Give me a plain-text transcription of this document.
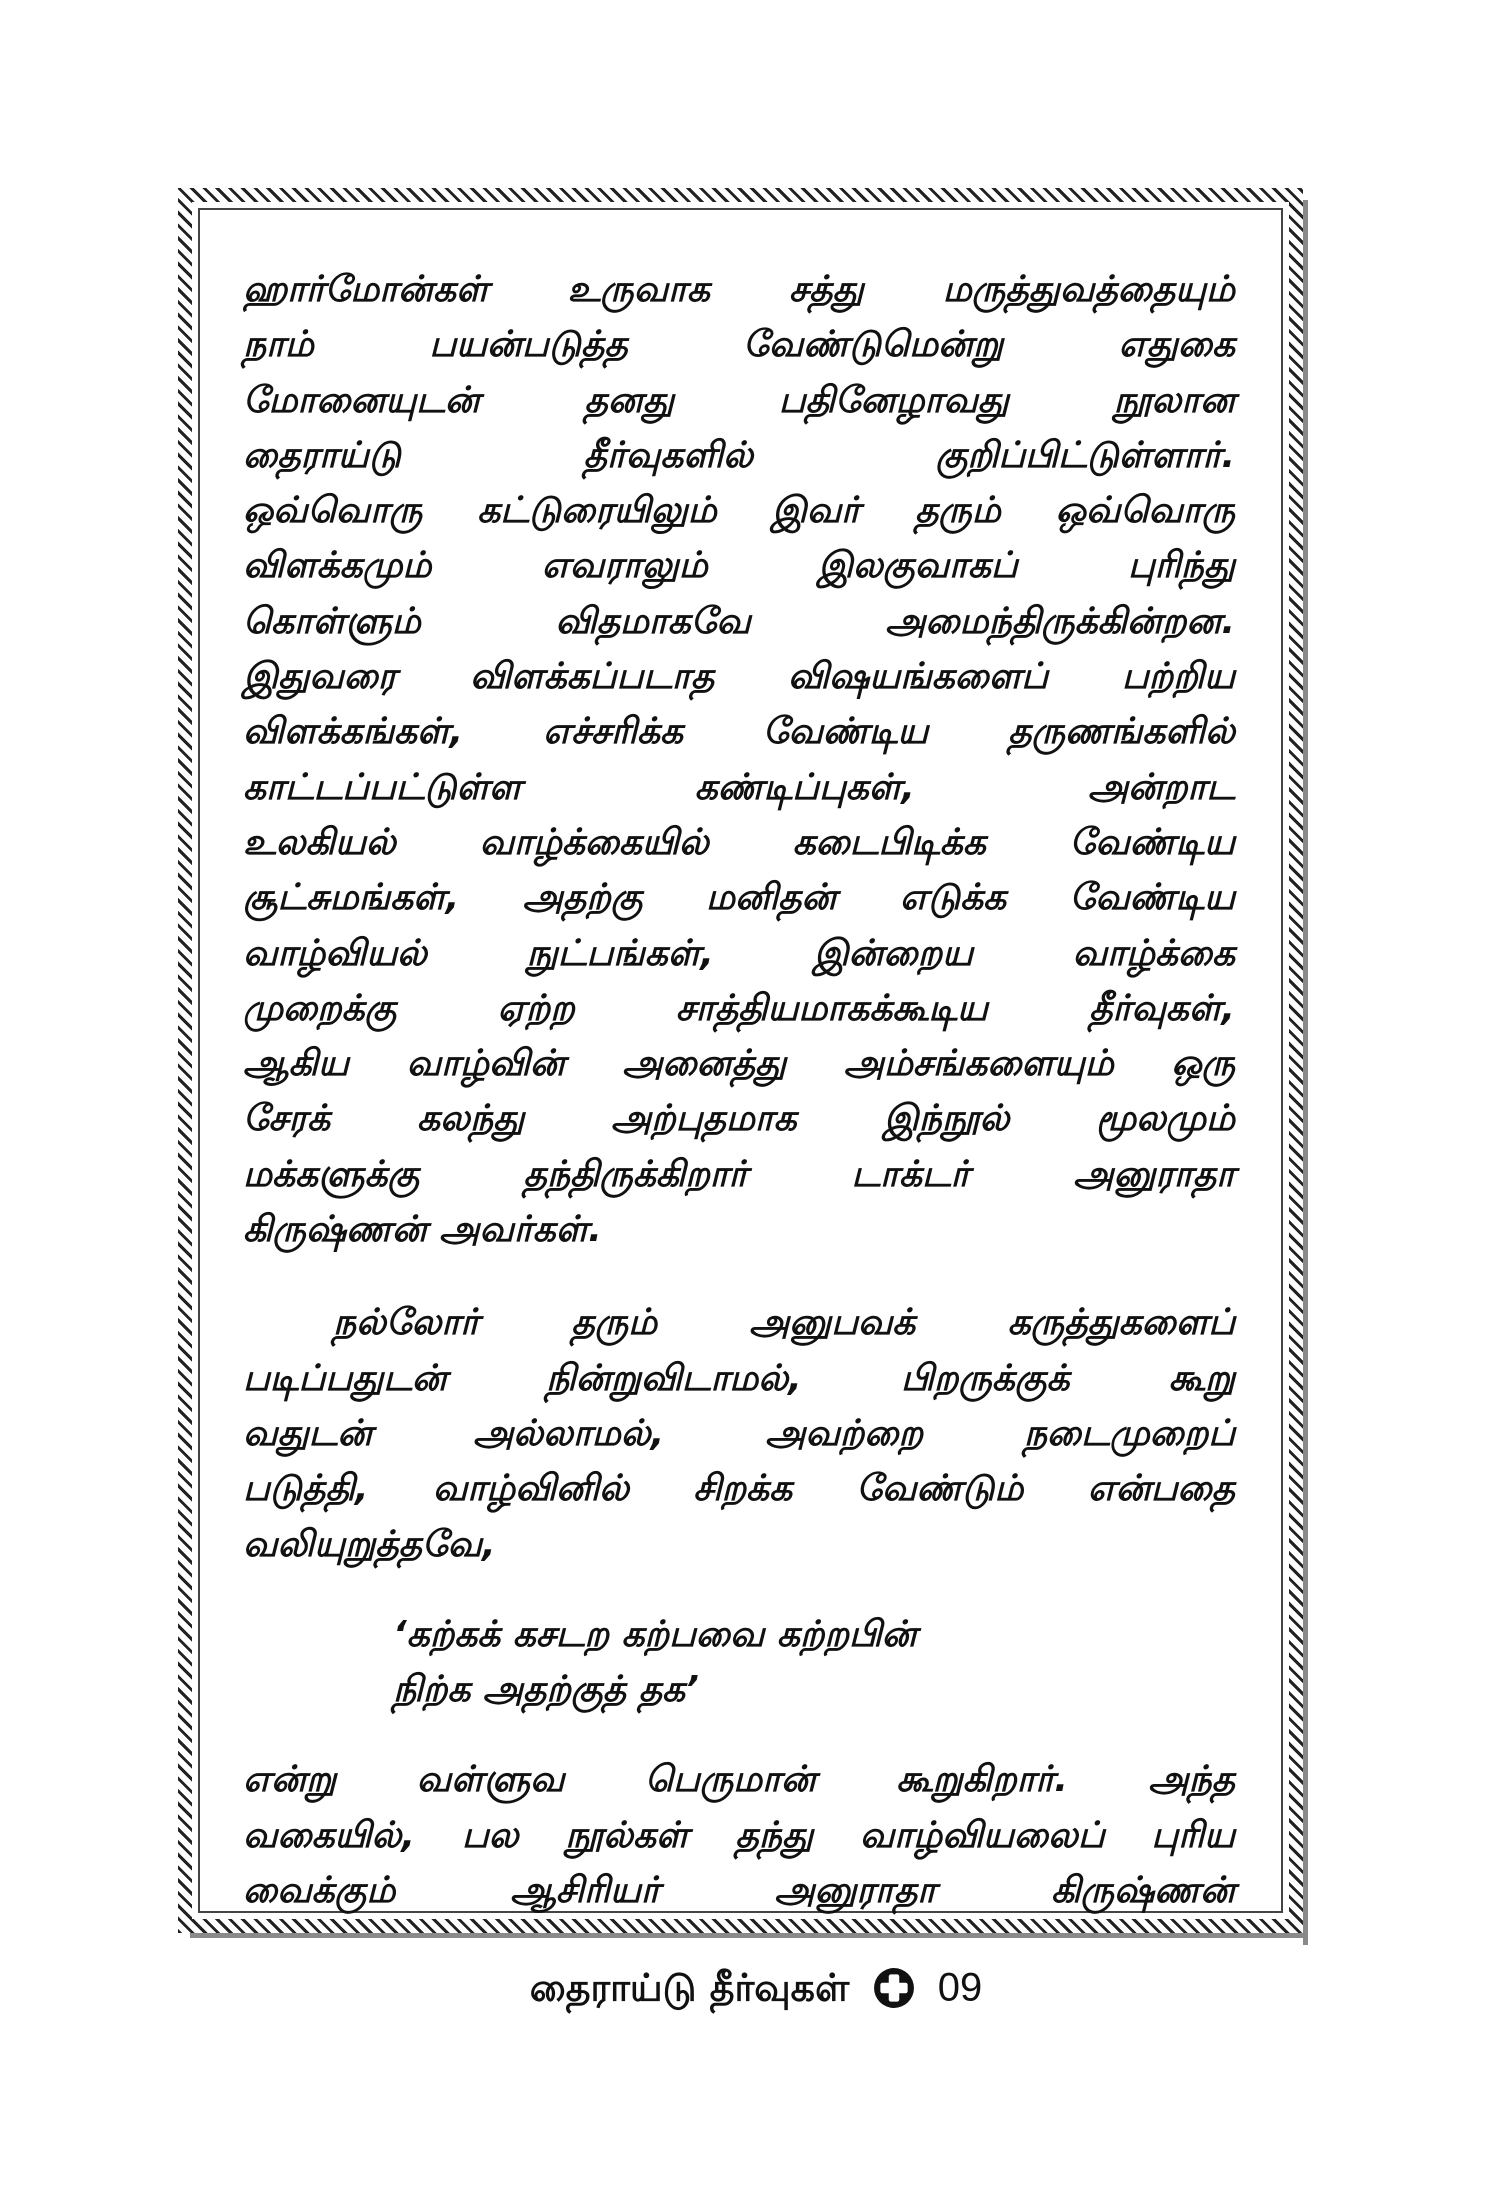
ஹார்மோன்கள் உருவாக சத்து மருத்துவத்தையும்
நாம் பயன்படுத்த வேண்டுமென்று எதுகை
மோனையுடன் தனது பதினேழாவது நூலான
தைராய்டு தீர்வுகளில் குறிப்பிட்டுள்ளார்.
ஒவ்வொரு கட்டுரையிலும் இவர் தரும் ஒவ்வொரு
விளக்கமும் எவராலும் இலகுவாகப் புரிந்து
கொள்ளும் விதமாகவே அமைந்திருக்கின்றன.
இதுவரை விளக்கப்படாத விஷயங்களைப் பற்றிய
விளக்கங்கள், எச்சரிக்க வேண்டிய தருணங்களில்
காட்டப்பட்டுள்ள கண்டிப்புகள், அன்றாட
உலகியல் வாழ்க்கையில் கடைபிடிக்க வேண்டிய
சூட்சுமங்கள், அதற்கு மனிதன் எடுக்க வேண்டிய
வாழ்வியல் நுட்பங்கள், இன்றைய வாழ்க்கை
முறைக்கு ஏற்ற சாத்தியமாகக்கூடிய தீர்வுகள்,
ஆகிய வாழ்வின் அனைத்து அம்சங்களையும் ஒரு
சேரக் கலந்து அற்புதமாக இந்நூல் மூலமும்
மக்களுக்கு தந்திருக்கிறார் டாக்டர் அனுராதா
கிருஷ்ணன் அவர்கள்.
நல்லோர் தரும் அனுபவக் கருத்துகளைப்
படிப்பதுடன் நின்றுவிடாமல், பிறருக்குக் கூறு
வதுடன் அல்லாமல், அவற்றை நடைமுறைப்
படுத்தி, வாழ்வினில் சிறக்க வேண்டும் என்பதை
வலியுறுத்தவே,
‘கற்கக் கசடற கற்பவை கற்றபின்
நிற்க அதற்குத் தக’
என்று வள்ளுவ பெருமான் கூறுகிறார். அந்த
வகையில், பல நூல்கள் தந்து வாழ்வியலைப் புரிய
வைக்கும் ஆசிரியர் அனுராதா கிருஷ்ணன்
தைராய்டு தீர்வுகள் 09
